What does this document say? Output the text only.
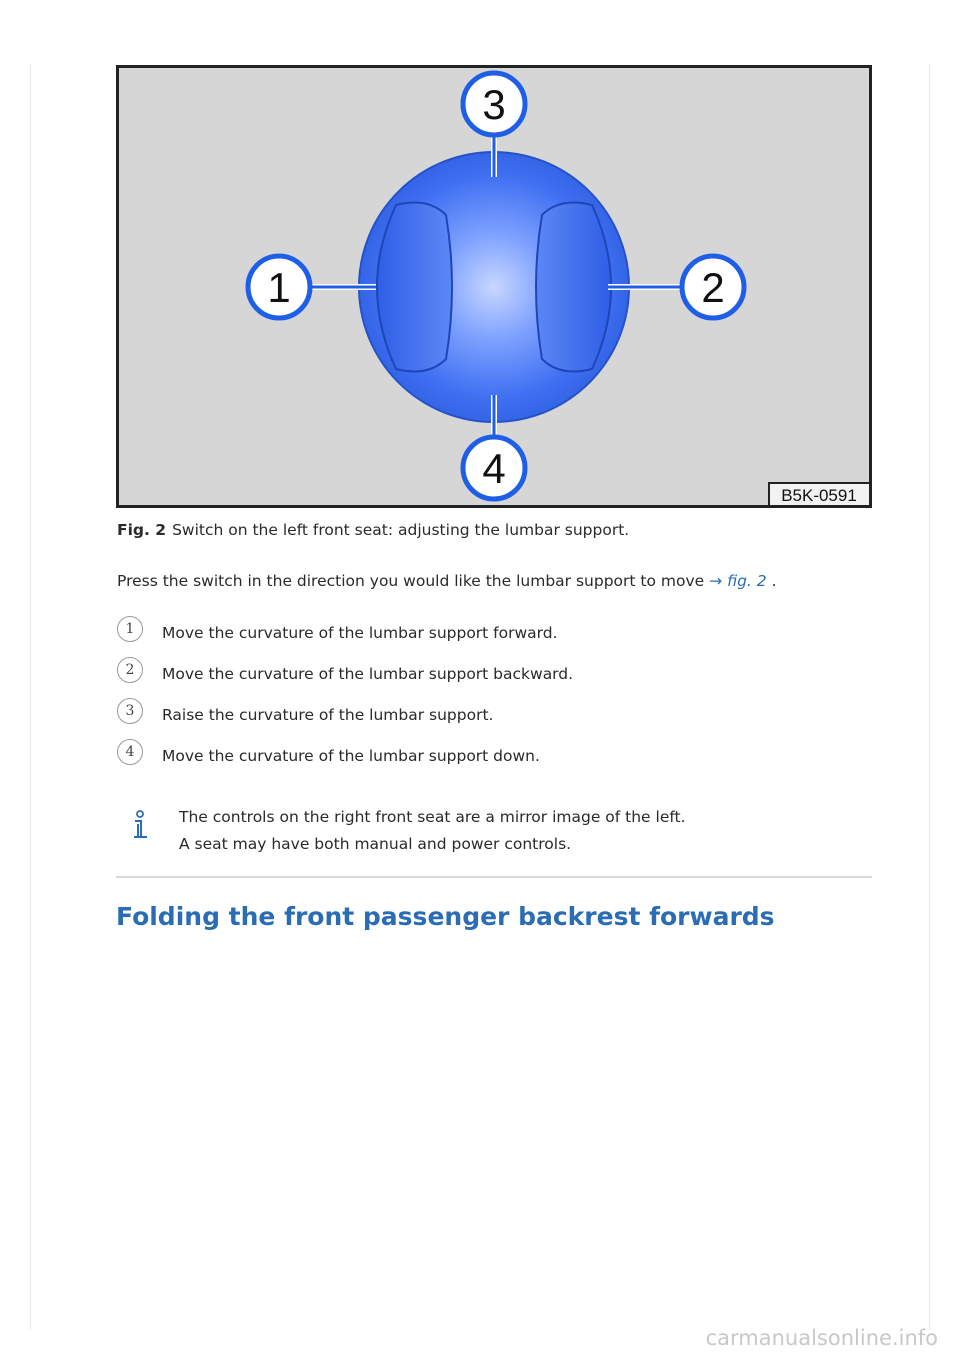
1	2
3
4
B5K-0591
Fig. 2 Switch on the left front seat: adjusting the lumbar support.
Press the switch in the direction you would like the lumbar support to move → fig. 2 .
1	Move the curvature of the lumbar support forward.
2	Move the curvature of the lumbar support backward.
3	Raise the curvature of the lumbar support.
4	Move the curvature of the lumbar support down.
The controls on the right front seat are a mirror image of the left.
A seat may have both manual and power controls.
Folding the front passenger backrest forwards
carmanualsonline.info
